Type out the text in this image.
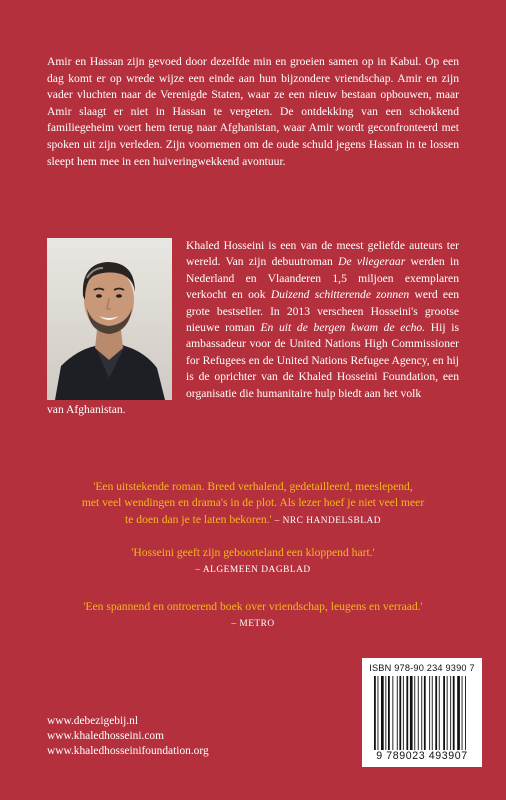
Amir en Hassan zijn gevoed door dezelfde min en groeien samen op in Kabul. Op een dag komt er op wrede wijze een einde aan hun bijzondere vriendschap. Amir en zijn vader vluchten naar de Verenigde Staten, waar ze een nieuw bestaan opbouwen, maar Amir slaagt er niet in Hassan te vergeten. De ontdekking van een schokkend familiegeheim voert hem terug naar Afghanistan, waar Amir wordt geconfronteerd met spoken uit zijn verleden. Zijn voornemen om de oude schuld jegens Hassan in te lossen sleept hem mee in een huiveringwekkend avontuur.

Khaled Hosseini is een van de meest geliefde auteurs ter wereld. Van zijn debuutroman De vliegeraar werden in Nederland en Vlaanderen 1,5 miljoen exemplaren verkocht en ook Duizend schitterende zonnen werd een grote bestseller. In 2013 verscheen Hosseini's grootse nieuwe roman En uit de bergen kwam de echo. Hij is ambassadeur voor de United Nations High Commissioner for Refugees en de United Nations Refugee Agency, en hij is de oprichter van de Khaled Hosseini Foundation, een organisatie die humanitaire hulp biedt aan het volk

van Afghanistan.

'Een uitstekende roman. Breed verhalend, gedetailleerd, meeslepend,
met veel wendingen en drama's in de plot. Als lezer hoef je niet veel meer
te doen dan je te laten bekoren.' – NRC HANDELSBLAD

'Hosseini geeft zijn geboorteland een kloppend hart.'
– ALGEMEEN DAGBLAD

'Een spannend en ontroerend boek over vriendschap, leugens en verraad.'
– METRO

www.debezigebij.nl
www.khaledhosseini.com
www.khaledhosseinifoundation.org
ISBN 978-90 234 9390 7
9 789023 493907
